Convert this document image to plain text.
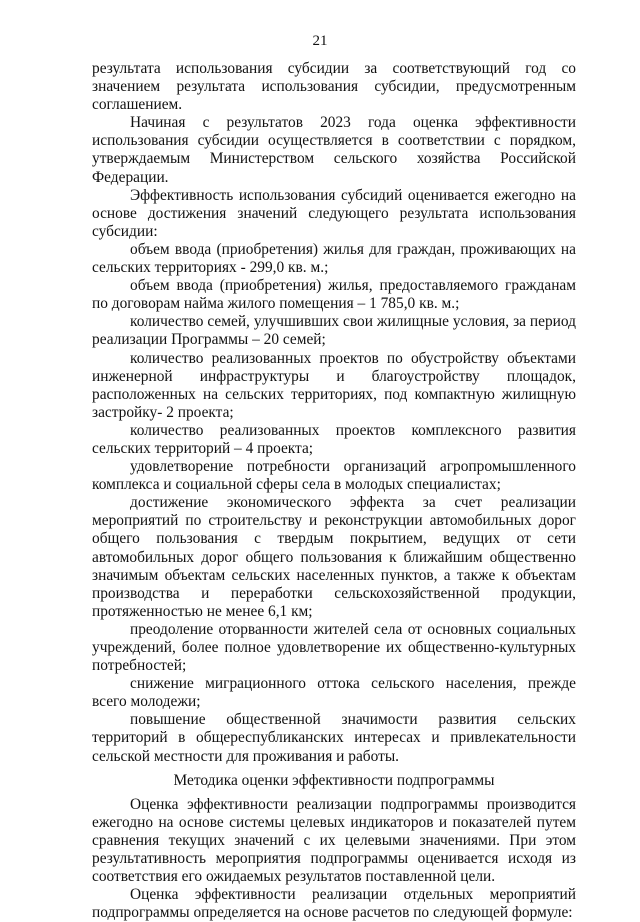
21

результата использования субсидии за соответствующий год со значением результата использования субсидии, предусмотренным соглашением.

Начиная с результатов 2023 года оценка эффективности использования субсидии осуществляется в соответствии с порядком, утверждаемым Министерством сельского хозяйства Российской Федерации.

Эффективность использования субсидий оценивается ежегодно на основе достижения значений следующего результата использования субсидии:

объем ввода (приобретения) жилья для граждан, проживающих на сельских территориях - 299,0 кв. м.;

объем ввода (приобретения) жилья, предоставляемого гражданам по договорам найма жилого помещения – 1 785,0 кв. м.;

количество семей, улучшивших свои жилищные условия, за период реализации Программы – 20 семей;

количество реализованных проектов по обустройству объектами инженерной инфраструктуры и благоустройству площадок, расположенных на сельских территориях, под компактную жилищную застройку- 2 проекта;

количество реализованных проектов комплексного развития сельских территорий – 4 проекта;

удовлетворение потребности организаций агропромышленного комплекса и социальной сферы села в молодых специалистах;

достижение экономического эффекта за счет реализации мероприятий по строительству и реконструкции автомобильных дорог общего пользования с твердым покрытием, ведущих от сети автомобильных дорог общего пользования к ближайшим общественно значимым объектам сельских населенных пунктов, а также к объектам производства и переработки сельскохозяйственной продукции, протяженностью не менее 6,1 км;

преодоление оторванности жителей села от основных социальных учреждений, более полное удовлетворение их общественно-культурных потребностей;

снижение миграционного оттока сельского населения, прежде всего молодежи;

повышение общественной значимости развития сельских территорий в общереспубликанских интересах и привлекательности сельской местности для проживания и работы.

Методика оценки эффективности подпрограммы

Оценка эффективности реализации подпрограммы производится ежегодно на основе системы целевых индикаторов и показателей путем сравнения текущих значений с их целевыми значениями. При этом результативность мероприятия подпрограммы оценивается исходя из соответствия его ожидаемых результатов поставленной цели.

Оценка эффективности реализации отдельных мероприятий подпрограммы определяется на основе расчетов по следующей формуле:
